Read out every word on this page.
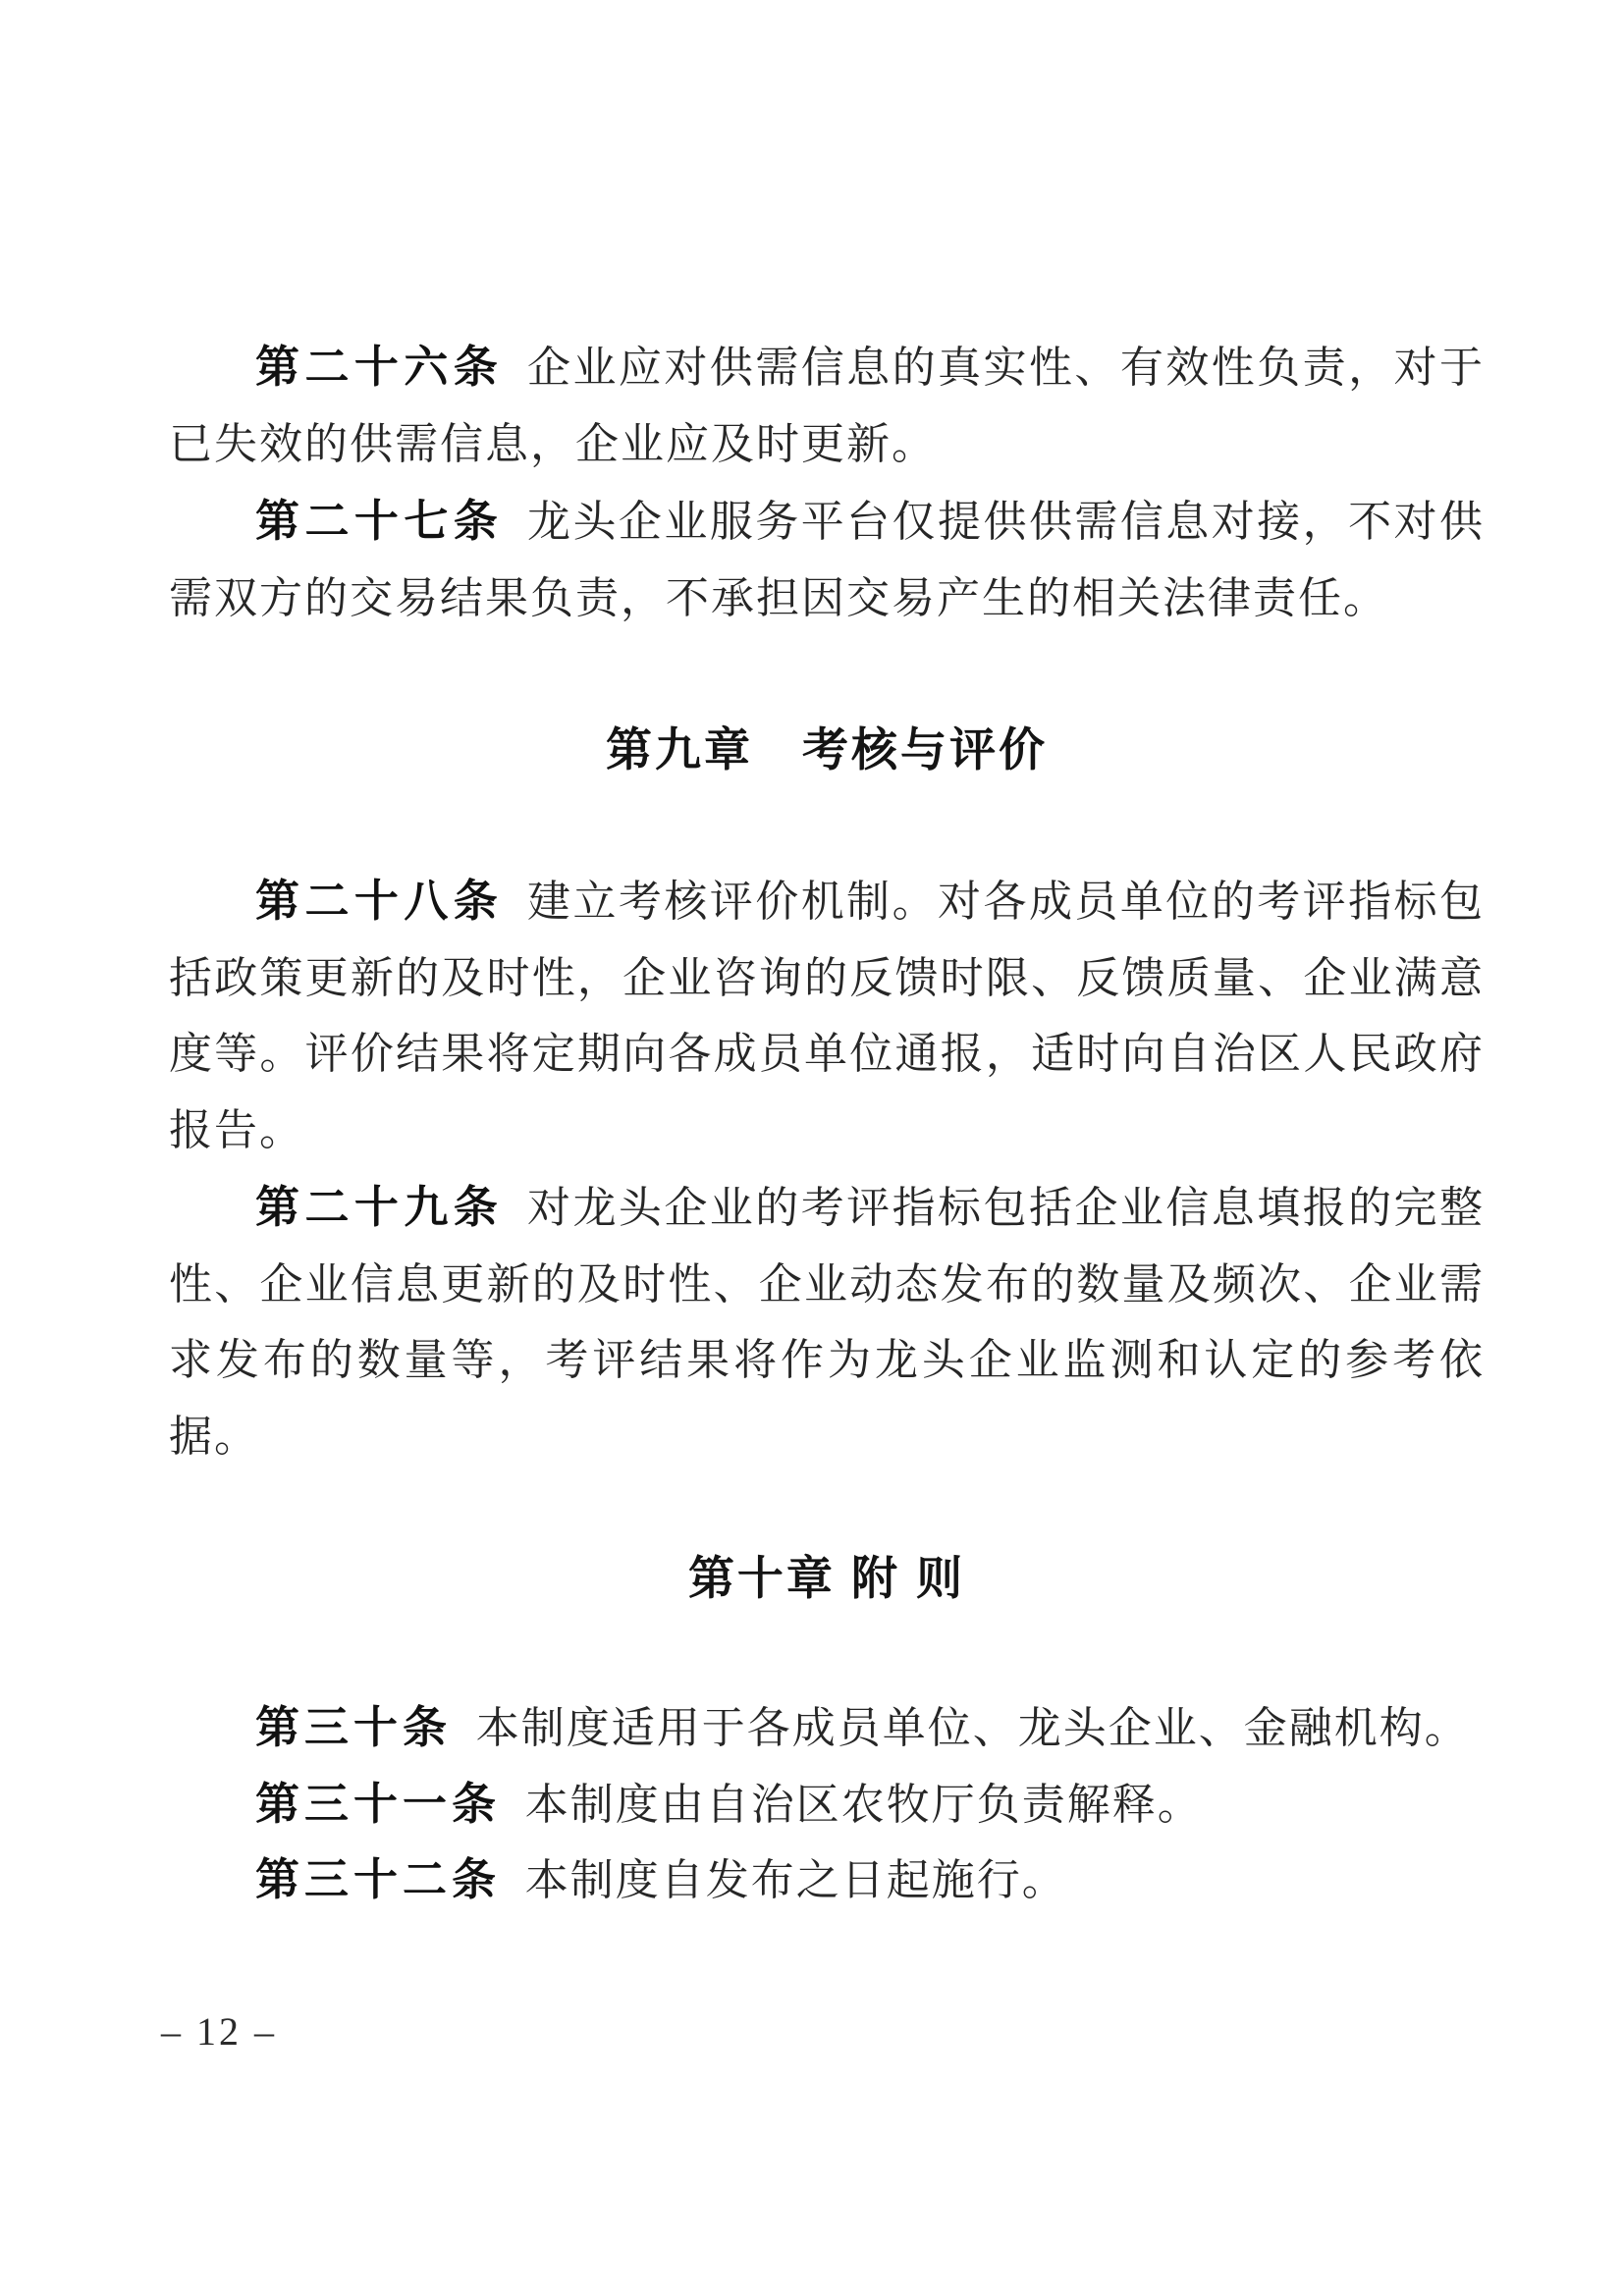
第二十六条 企业应对供需信息的真实性、有效性负责，对于已失效的供需信息，企业应及时更新。
第二十七条 龙头企业服务平台仅提供供需信息对接，不对供需双方的交易结果负责，不承担因交易产生的相关法律责任。
第九章　考核与评价
第二十八条 建立考核评价机制。对各成员单位的考评指标包括政策更新的及时性，企业咨询的反馈时限、反馈质量、企业满意度等。评价结果将定期向各成员单位通报，适时向自治区人民政府报告。
第二十九条 对龙头企业的考评指标包括企业信息填报的完整性、企业信息更新的及时性、企业动态发布的数量及频次、企业需求发布的数量等，考评结果将作为龙头企业监测和认定的参考依据。
第十章 附 则
第三十条 本制度适用于各成员单位、龙头企业、金融机构。
第三十一条 本制度由自治区农牧厅负责解释。
第三十二条 本制度自发布之日起施行。
– 12 –
